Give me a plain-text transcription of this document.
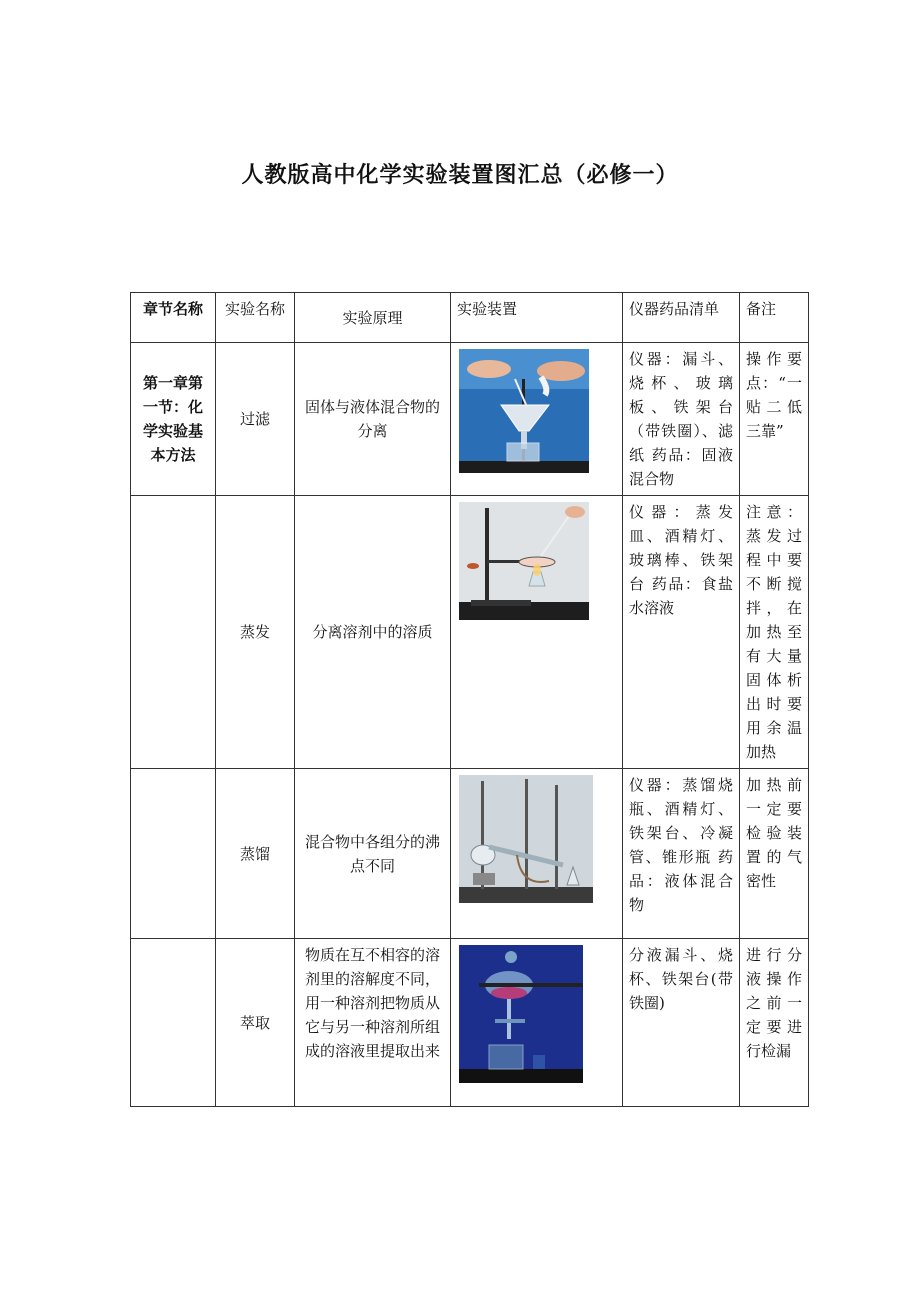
人教版高中化学实验装置图汇总（必修一）
章节名称	实验名称	实验原理	实验装置	仪器药品清单	备注
第一章第一节：化学实验基本方法	过滤	固体与液体混合物的分离		仪器：漏斗、烧杯、玻璃板、铁架台（带铁圈）、滤纸 药品：固液混合物	操作要点：“一贴二低三靠”
	蒸发	分离溶剂中的溶质		仪器：蒸发皿、酒精灯、玻璃棒、铁架台 药品：食盐水溶液	注意：蒸发过程中要不断搅拌，在加热至有大量固体析出时要用余温加热
	蒸馏	混合物中各组分的沸点不同		仪器：蒸馏烧瓶、酒精灯、铁架台、冷凝管、锥形瓶 药品：液体混合物	加热前一定要检验装置的气密性
	萃取	物质在互不相容的溶剂里的溶解度不同，用一种溶剂把物质从它与另一种溶剂所组成的溶液里提取出来		分液漏斗、烧杯、铁架台(带铁圈)	进行分液操作之前一定要进行检漏
